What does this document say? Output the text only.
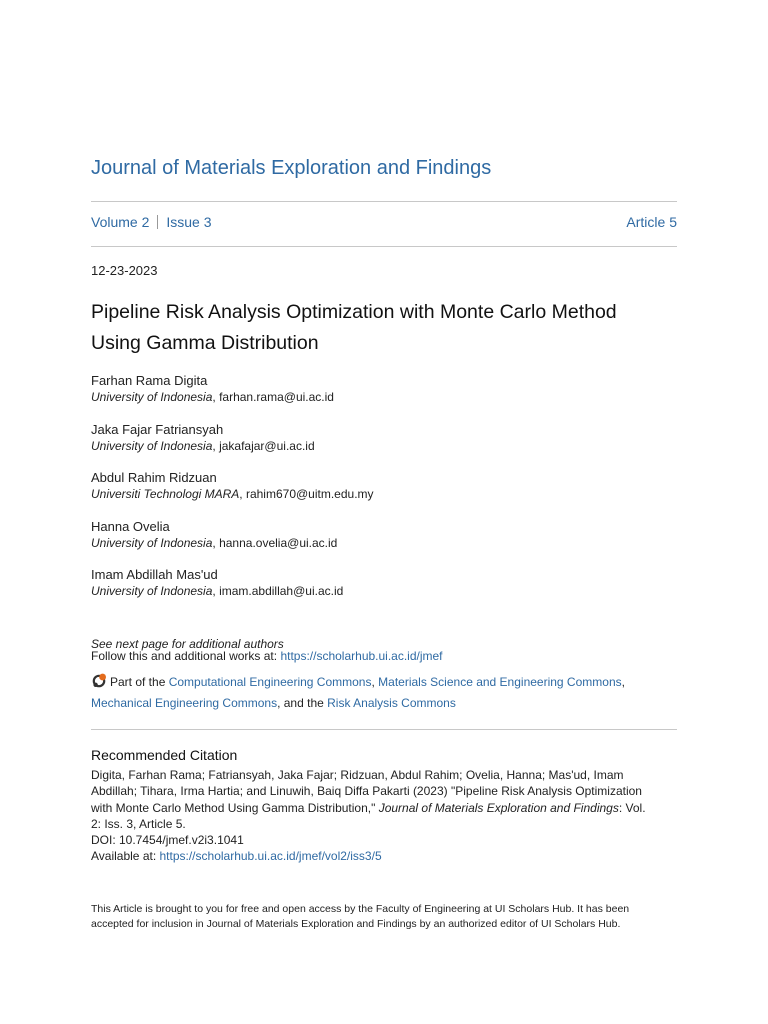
Journal of Materials Exploration and Findings
Volume 2 Issue 3	Article 5
12-23-2023
Pipeline Risk Analysis Optimization with Monte Carlo Method
Using Gamma Distribution
Farhan Rama Digita
University of Indonesia, farhan.rama@ui.ac.id
Jaka Fajar Fatriansyah
University of Indonesia, jakafajar@ui.ac.id
Abdul Rahim Ridzuan
Universiti Technologi MARA, rahim670@uitm.edu.my
Hanna Ovelia
University of Indonesia, hanna.ovelia@ui.ac.id
Imam Abdillah Mas'ud
University of Indonesia, imam.abdillah@ui.ac.id
See next page for additional authors
Follow this and additional works at: https://scholarhub.ui.ac.id/jmef
Part of the Computational Engineering Commons, Materials Science and Engineering Commons,
Mechanical Engineering Commons, and the Risk Analysis Commons
Recommended Citation
Digita, Farhan Rama; Fatriansyah, Jaka Fajar; Ridzuan, Abdul Rahim; Ovelia, Hanna; Mas'ud, Imam
Abdillah; Tihara, Irma Hartia; and Linuwih, Baiq Diffa Pakarti (2023) "Pipeline Risk Analysis Optimization
with Monte Carlo Method Using Gamma Distribution," Journal of Materials Exploration and Findings: Vol.
2: Iss. 3, Article 5.
DOI: 10.7454/jmef.v2i3.1041
Available at: https://scholarhub.ui.ac.id/jmef/vol2/iss3/5
This Article is brought to you for free and open access by the Faculty of Engineering at UI Scholars Hub. It has been
accepted for inclusion in Journal of Materials Exploration and Findings by an authorized editor of UI Scholars Hub.
